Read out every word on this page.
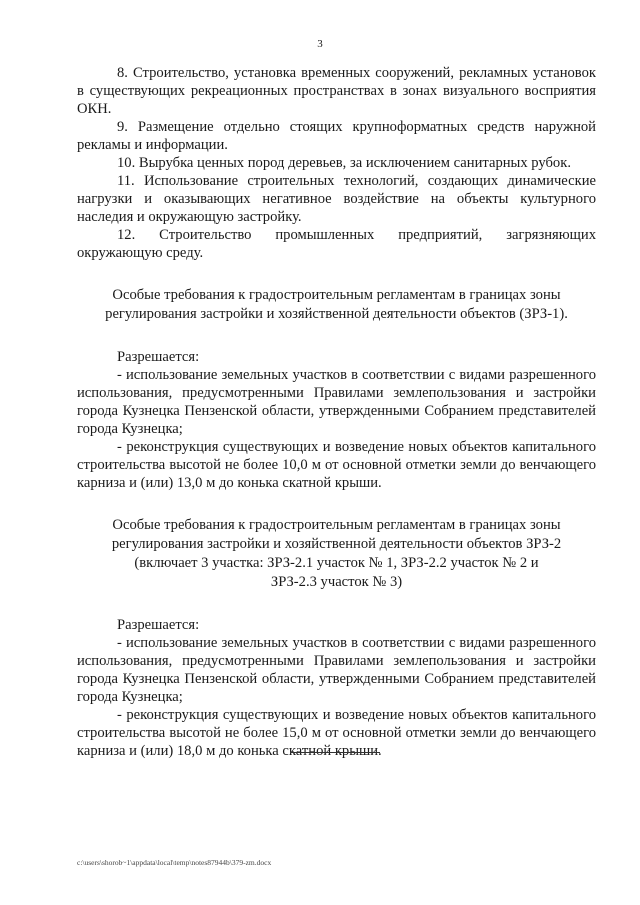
3

8. Строительство, установка временных сооружений, рекламных установок в существующих рекреационных пространствах в зонах визуального восприятия ОКН.

9. Размещение отдельно стоящих крупноформатных средств наружной рекламы и информации.

10. Вырубка ценных пород деревьев, за исключением санитарных рубок.

11. Использование строительных технологий, создающих динамические нагрузки и оказывающих негативное воздействие на объекты культурного наследия и окружающую застройку.

12. Строительство промышленных предприятий, загрязняющих окружающую среду.

Особые требования к градостроительным регламентам в границах зоны регулирования застройки и хозяйственной деятельности объектов (ЗРЗ-1).

Разрешается:

- использование земельных участков в соответствии с видами разрешенного использования, предусмотренными Правилами землепользования и застройки города Кузнецка Пензенской области, утвержденными Собранием представителей города Кузнецка;

- реконструкция существующих и возведение новых объектов капитального строительства высотой не более 10,0 м от основной отметки земли до венчающего карниза и (или) 13,0 м до конька скатной крыши.

Особые требования к градостроительным регламентам в границах зоны

регулирования застройки и хозяйственной деятельности объектов ЗРЗ-2

(включает 3 участка: ЗРЗ-2.1 участок № 1, ЗРЗ-2.2 участок № 2 и

ЗРЗ-2.3 участок № 3)

Разрешается:

- использование земельных участков в соответствии с видами разрешенного использования, предусмотренными Правилами землепользования и застройки города Кузнецка Пензенской области, утвержденными Собранием представителей города Кузнецка;

- реконструкция существующих и возведение новых объектов капитального строительства высотой не более 15,0 м от основной отметки земли до венчающего карниза и (или) 18,0 м до конька скатной крыши.

c:\users\shorob~1\appdata\local\temp\notes87944b\379-zm.docx
